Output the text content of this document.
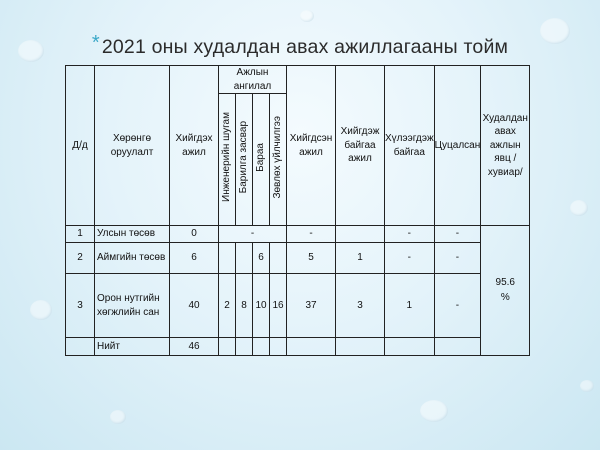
* 2021 оны худалдан авах ажиллагааны тойм
Д/д	Хөрөнгө оруулалт	Хийгдэх ажил	Ажлын ангилал				Хийгдсэн ажил	Хийгдэж байгаа ажил	Хүлээгдэж байгаа	Цуцалсан	Худалдан авах ажлын явц /хувиар/
			Инженерийн шугам	Барилга засвар	Бараа	Зөвлөх үйлчилгээ					
1	Улсын төсөв	0	-				-		-	-	95.6 %
2	Аймгийн төсөв	6			6		5	1	-	-	
3	Орон нутгийн хөгжлийн сан	40	2	8	10	16	37	3	1	-	
	Нийт	46									
